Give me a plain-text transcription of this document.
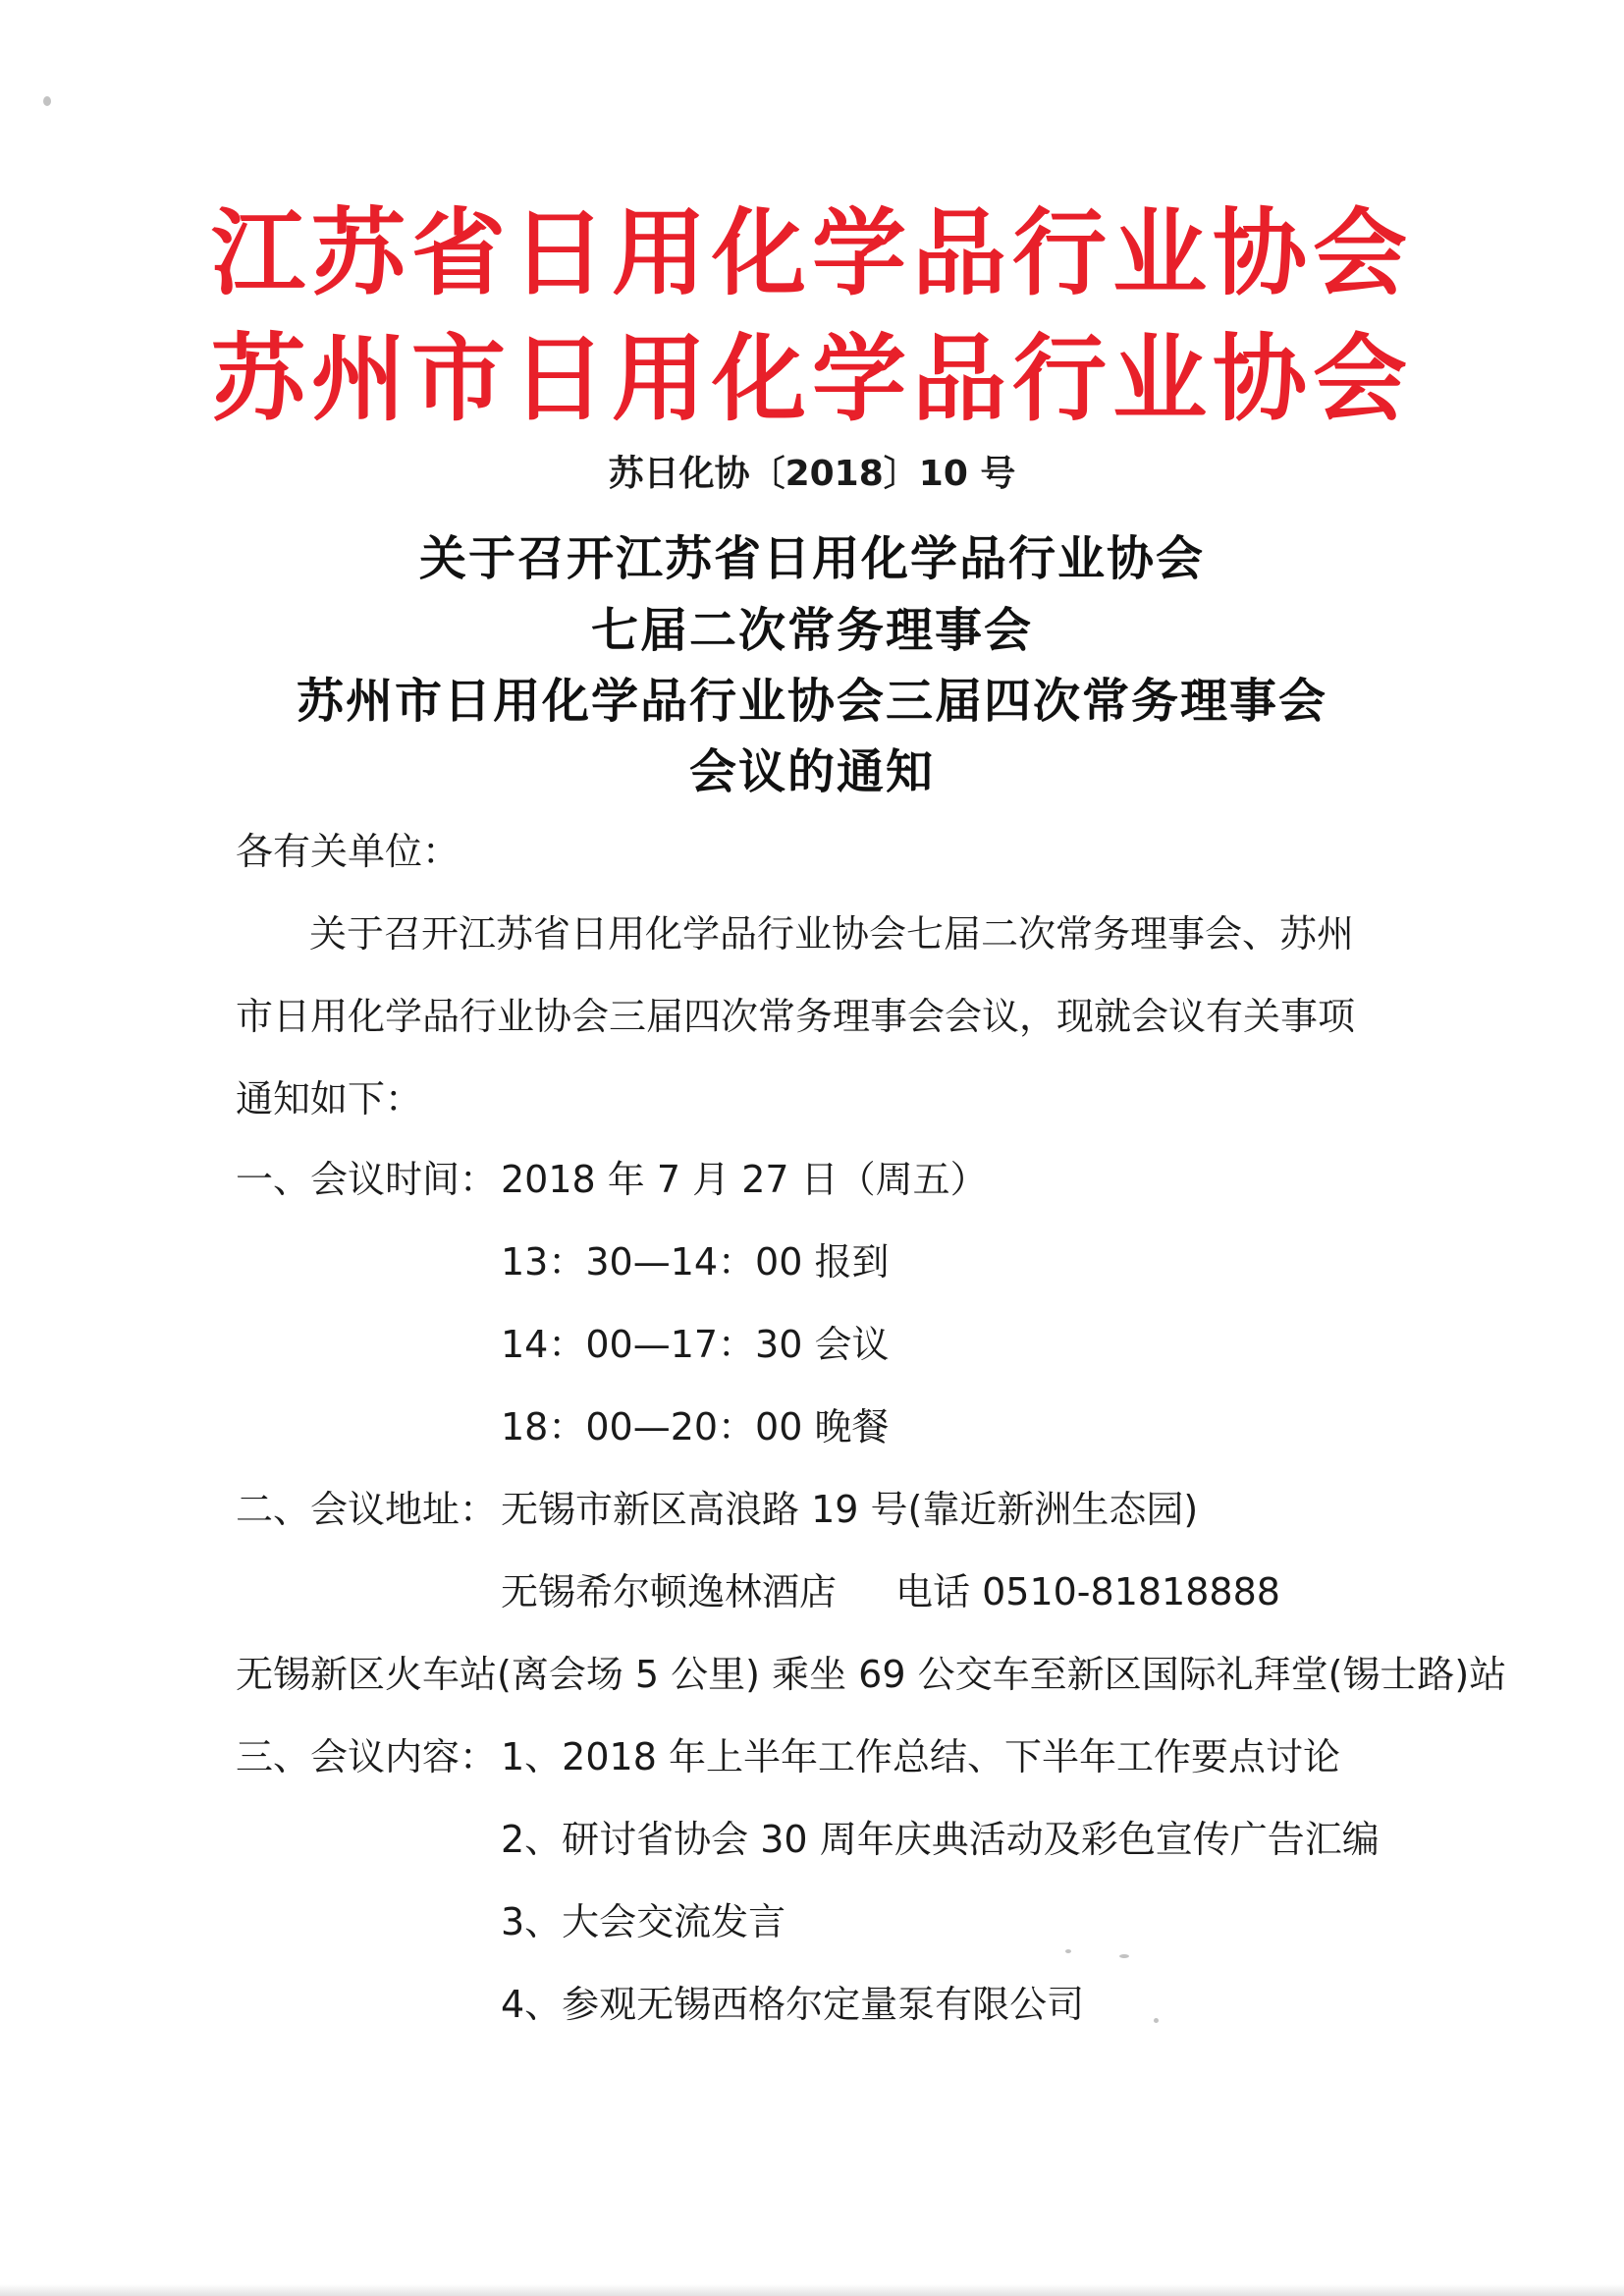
江苏省日用化学品行业协会
苏州市日用化学品行业协会
苏日化协〔2018〕10 号
关于召开江苏省日用化学品行业协会
七届二次常务理事会
苏州市日用化学品行业协会三届四次常务理事会
会议的通知
各有关单位：
关于召开江苏省日用化学品行业协会七届二次常务理事会、苏州
市日用化学品行业协会三届四次常务理事会会议，现就会议有关事项
通知如下：
一、会议时间： 2018 年 7 月 27 日（周五）
13：30—14：00 报到
14：00—17：30 会议
18：00—20：00 晚餐
二、会议地址： 无锡市新区高浪路 19 号(靠近新洲生态园)
无锡希尔顿逸林酒店 电话 0510-81818888
无锡新区火车站(离会场 5 公里) 乘坐 69 公交车至新区国际礼拜堂(锡士路)站
三、会议内容： 1、2018 年上半年工作总结、下半年工作要点讨论
2、研讨省协会 30 周年庆典活动及彩色宣传广告汇编
3、大会交流发言
4、参观无锡西格尔定量泵有限公司
